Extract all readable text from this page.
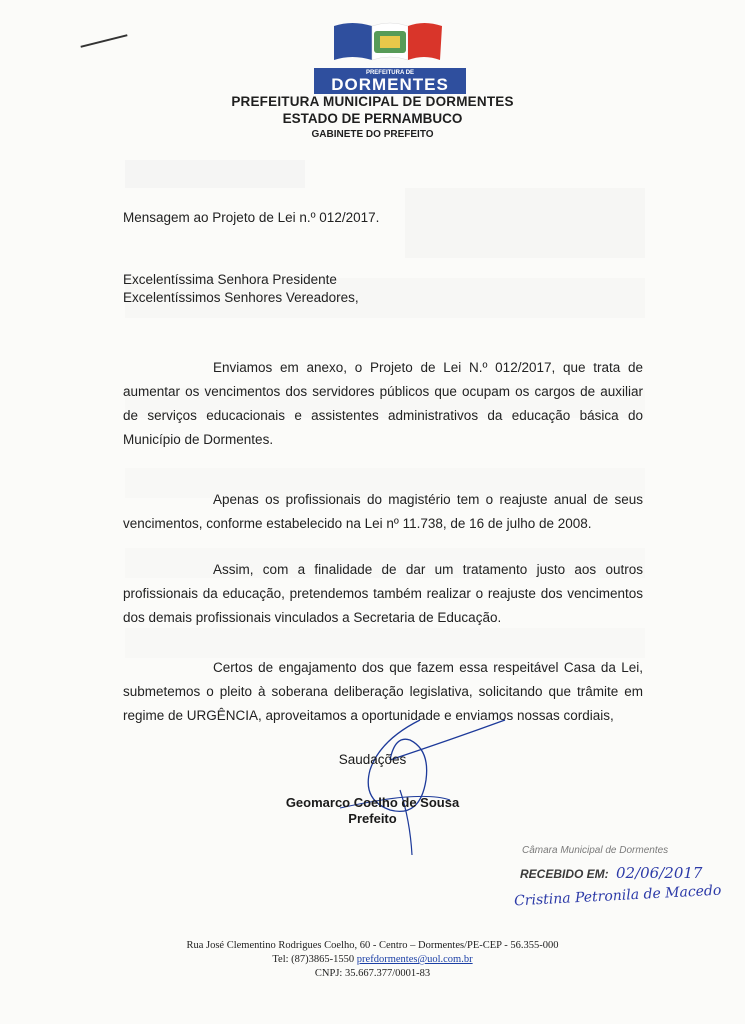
PREFEITURA DE
DORMENTES
PREFEITURA MUNICIPAL DE DORMENTES
ESTADO DE PERNAMBUCO
GABINETE DO PREFEITO
Mensagem ao Projeto de Lei n.º 012/2017.
Excelentíssima Senhora Presidente
Excelentíssimos Senhores Vereadores,
Enviamos em anexo, o Projeto de Lei N.º 012/2017, que trata de aumentar os vencimentos dos servidores públicos que ocupam os cargos de auxiliar de serviços educacionais e assistentes administrativos da educação básica do Município de Dormentes.
Apenas os profissionais do magistério tem o reajuste anual de seus vencimentos, conforme estabelecido na Lei nº 11.738, de 16 de julho de 2008.
Assim, com a finalidade de dar um tratamento justo aos outros profissionais da educação, pretendemos também realizar o reajuste dos vencimentos dos demais profissionais vinculados a Secretaria de Educação.
Certos de engajamento dos que fazem essa respeitável Casa da Lei, submetemos o pleito à soberana deliberação legislativa, solicitando que trâmite em regime de URGÊNCIA, aproveitamos a oportunidade e enviamos nossas cordiais,
Saudações
Geomarco Coelho de Sousa
Prefeito
Câmara Municipal de Dormentes
RECEBIDO EM: 02/06/2017
Cristina Petronila de Macedo
Rua José Clementino Rodrigues Coelho, 60 - Centro – Dormentes/PE-CEP - 56.355-000
Tel: (87)3865-1550 prefdormentes@uol.com.br
CNPJ: 35.667.377/0001-83
